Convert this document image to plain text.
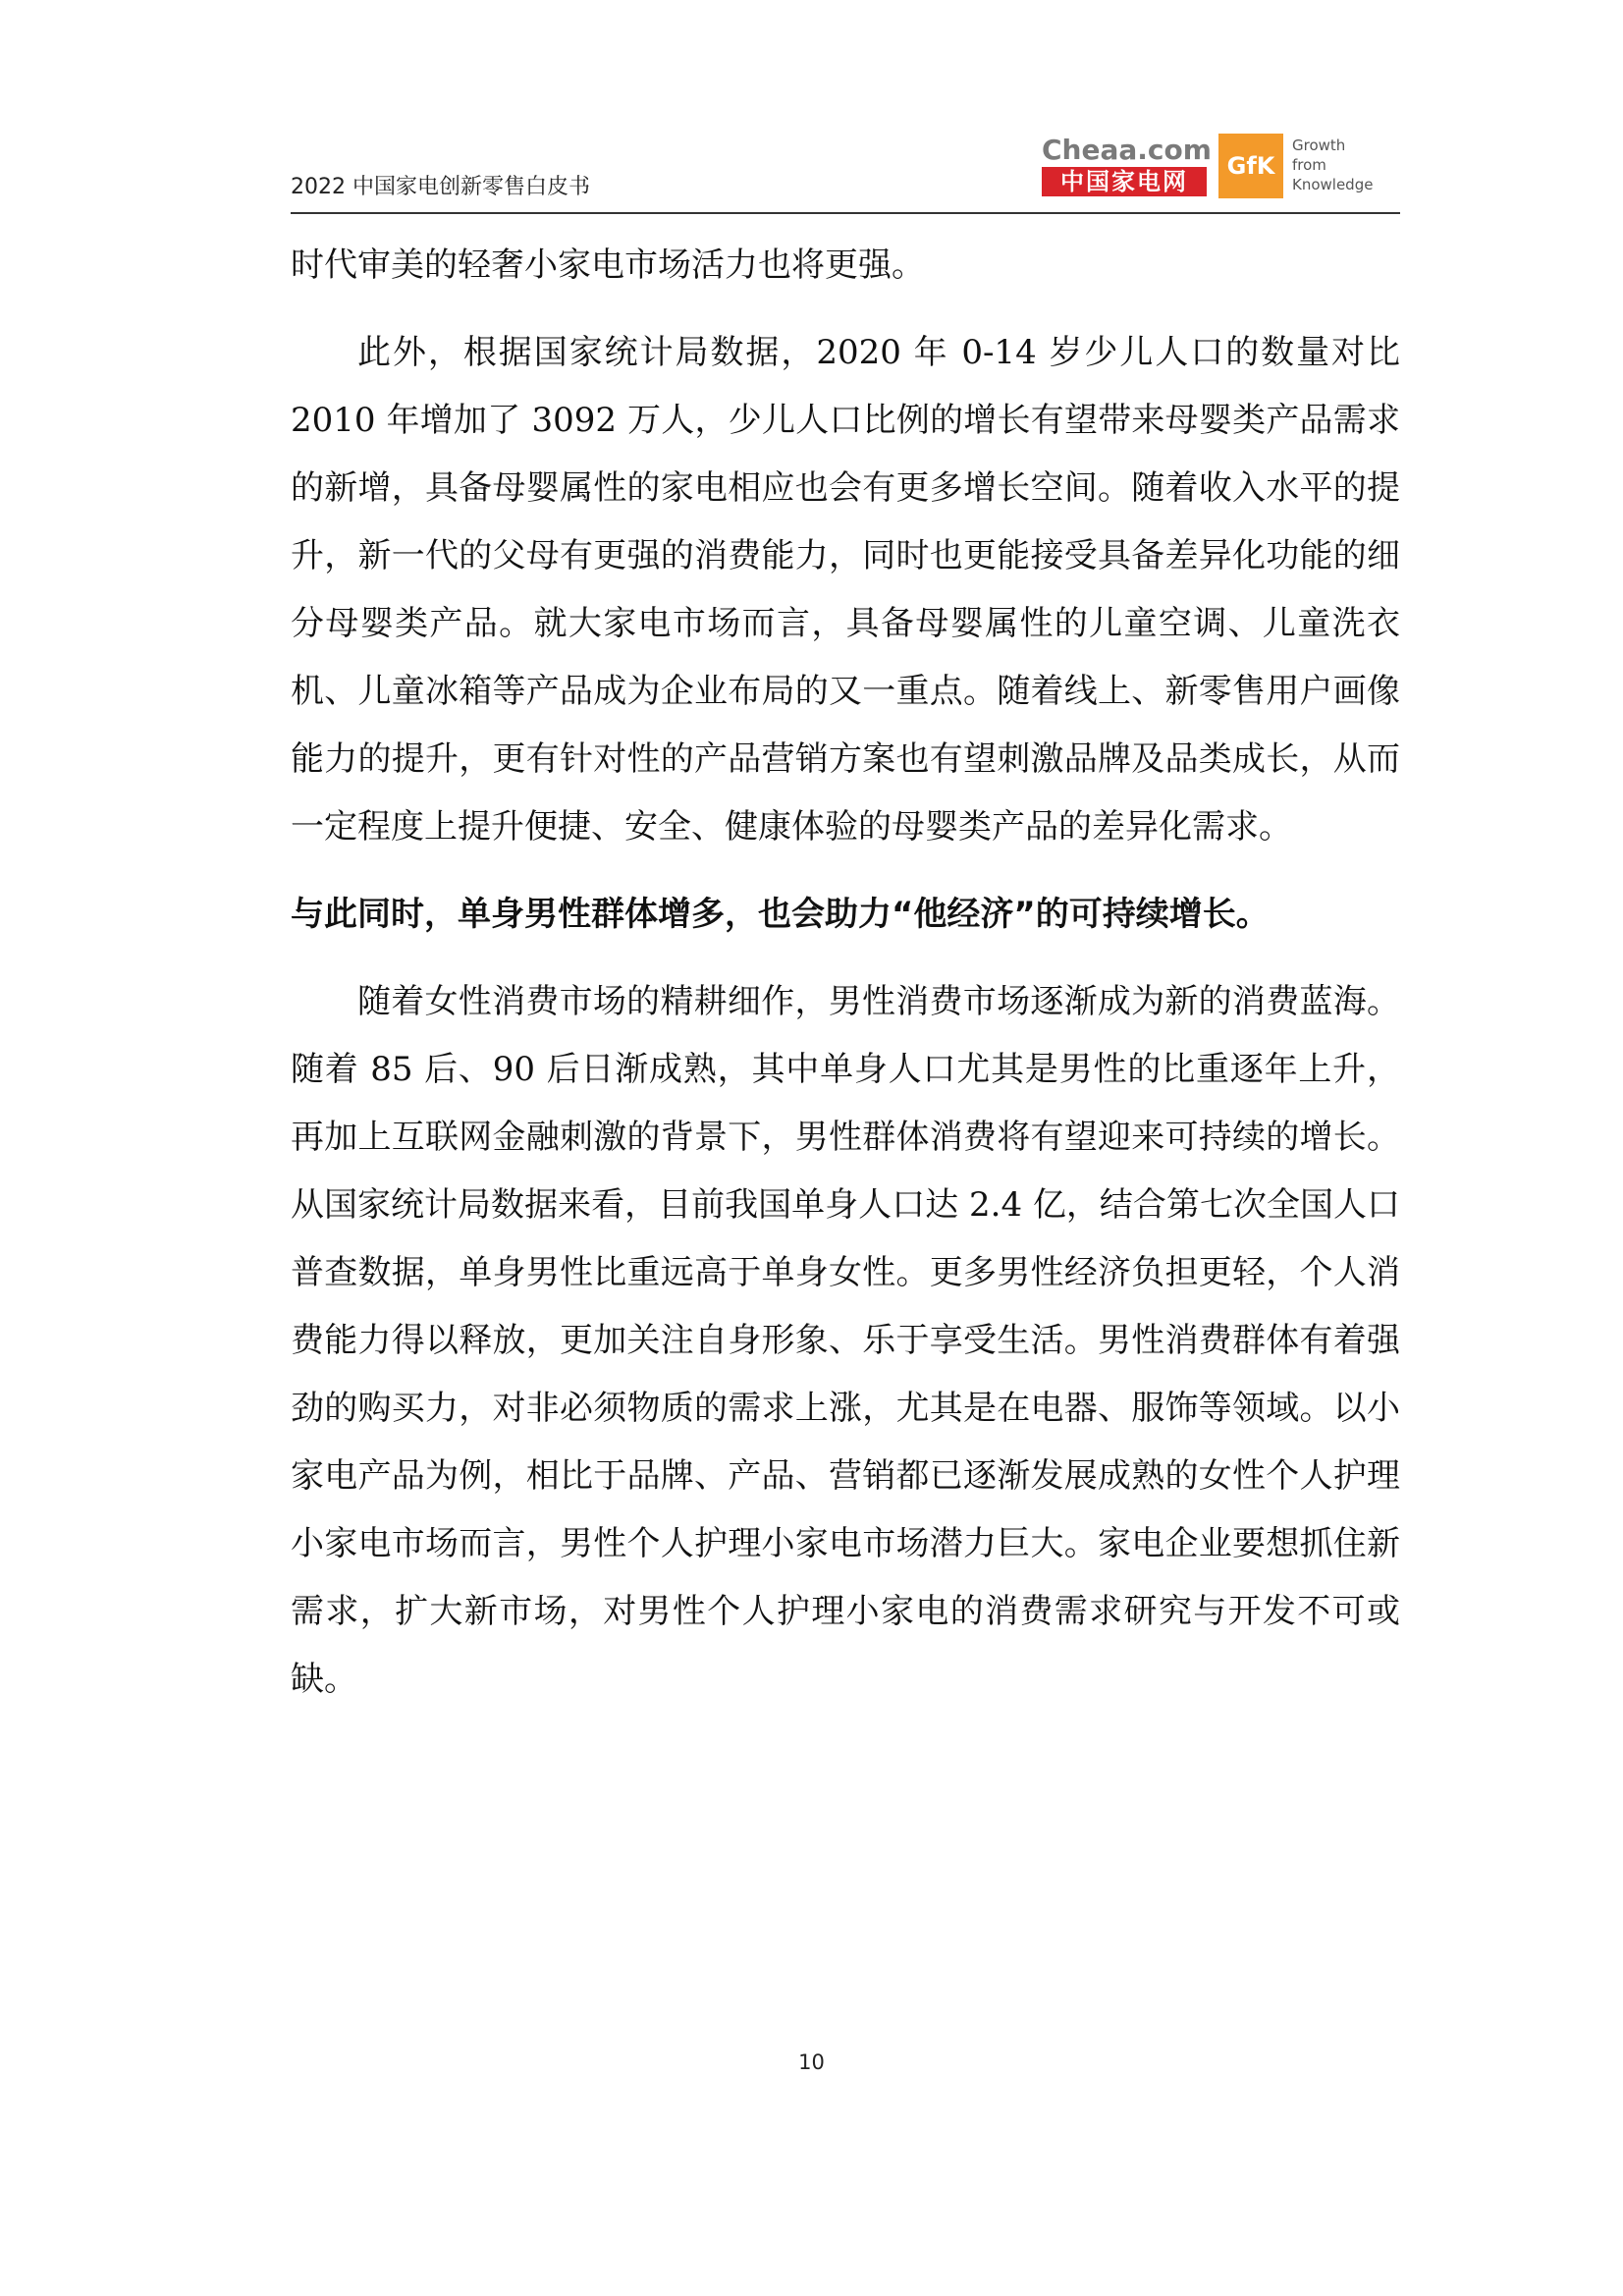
2022 中国家电创新零售白皮书
Cheaa.com
中国家电网
GfK
Growth
from
Knowledge

时代审美的轻奢小家电市场活力也将更强。

此外，根据国家统计局数据，2020 年 0-14 岁少儿人口的数量对比 2010 年增加了 3092 万人，少儿人口比例的增长有望带来母婴类产品需求的新增，具备母婴属性的家电相应也会有更多增长空间。随着收入水平的提升，新一代的父母有更强的消费能力，同时也更能接受具备差异化功能的细分母婴类产品。就大家电市场而言，具备母婴属性的儿童空调、儿童洗衣机、儿童冰箱等产品成为企业布局的又一重点。随着线上、新零售用户画像能力的提升，更有针对性的产品营销方案也有望刺激品牌及品类成长，从而一定程度上提升便捷、安全、健康体验的母婴类产品的差异化需求。

与此同时，单身男性群体增多，也会助力“他经济”的可持续增长。

随着女性消费市场的精耕细作，男性消费市场逐渐成为新的消费蓝海。随着 85 后、90 后日渐成熟，其中单身人口尤其是男性的比重逐年上升，再加上互联网金融刺激的背景下，男性群体消费将有望迎来可持续的增长。从国家统计局数据来看，目前我国单身人口达 2.4 亿，结合第七次全国人口普查数据，单身男性比重远高于单身女性。更多男性经济负担更轻，个人消费能力得以释放，更加关注自身形象、乐于享受生活。男性消费群体有着强劲的购买力，对非必须物质的需求上涨，尤其是在电器、服饰等领域。以小家电产品为例，相比于品牌、产品、营销都已逐渐发展成熟的女性个人护理小家电市场而言，男性个人护理小家电市场潜力巨大。家电企业要想抓住新需求，扩大新市场，对男性个人护理小家电的消费需求研究与开发不可或缺。

10
